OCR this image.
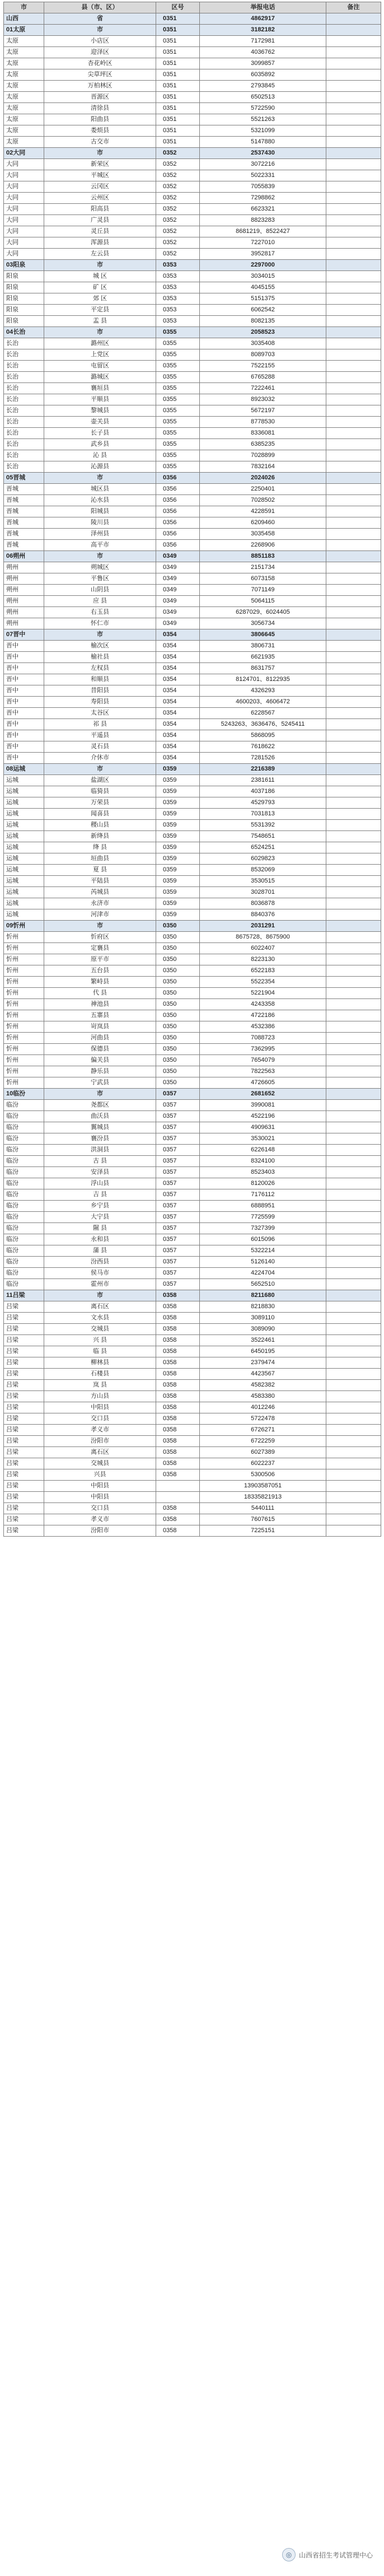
市	县（市、区）	区号	举报电话	备注
山西	省	0351	4862917	
01太原	市	0351	3182182	
太原	小店区	0351	7172981	
太原	迎泽区	0351	4036762	
太原	杏花岭区	0351	3099857	
太原	尖草坪区	0351	6035892	
太原	万柏林区	0351	2793845	
太原	晋源区	0351	6502513	
太原	清徐县	0351	5722590	
太原	阳曲县	0351	5521263	
太原	娄烦县	0351	5321099	
太原	古交市	0351	5147880	
02大同	市	0352	2537430	
大同	新荣区	0352	3072216	
大同	平城区	0352	5022331	
大同	云冈区	0352	7055839	
大同	云州区	0352	7298862	
大同	阳高县	0352	6623321	
大同	广灵县	0352	8823283	
大同	灵丘县	0352	8681219、8522427	
大同	浑源县	0352	7227010	
大同	左云县	0352	3952817	
03阳泉	市	0353	2297000	
阳泉	城 区	0353	3034015	
阳泉	矿 区	0353	4045155	
阳泉	郊 区	0353	5151375	
阳泉	平定县	0353	6062542	
阳泉	盂 县	0353	8082135	
04长治	市	0355	2058523	
长治	潞州区	0355	3035408	
长治	上党区	0355	8089703	
长治	屯留区	0355	7522155	
长治	潞城区	0355	6765288	
长治	襄垣县	0355	7222461	
长治	平顺县	0355	8923032	
长治	黎城县	0355	5672197	
长治	壶关县	0355	8778530	
长治	长子县	0355	8336081	
长治	武乡县	0355	6385235	
长治	沁 县	0355	7028899	
长治	沁源县	0355	7832164	
05晋城	市	0356	2024026	
晋城	城区县	0356	2250401	
晋城	沁水县	0356	7028502	
晋城	阳城县	0356	4228591	
晋城	陵川县	0356	6209460	
晋城	泽州县	0356	3035458	
晋城	高平市	0356	2268906	
06朔州	市	0349	8851183	
朔州	朔城区	0349	2151734	
朔州	平鲁区	0349	6073158	
朔州	山阴县	0349	7071149	
朔州	应 县	0349	5064115	
朔州	右玉县	0349	6287029、6024405	
朔州	怀仁市	0349	3056734	
07晋中	市	0354	3806645	
晋中	榆次区	0354	3806731	
晋中	榆社县	0354	6621935	
晋中	左权县	0354	8631757	
晋中	和顺县	0354	8124701、8122935	
晋中	昔阳县	0354	4326293	
晋中	寿阳县	0354	4600203、4606472	
晋中	太谷区	0354	6228567	
晋中	祁 县	0354	5243263、3636476、5245411	
晋中	平遥县	0354	5868095	
晋中	灵石县	0354	7618622	
晋中	介休市	0354	7281526	
08运城	市	0359	2216389	
运城	盐湖区	0359	2381611	
运城	临猗县	0359	4037186	
运城	万荣县	0359	4529793	
运城	闻喜县	0359	7031813	
运城	稷山县	0359	5531392	
运城	新绛县	0359	7548651	
运城	绛 县	0359	6524251	
运城	垣曲县	0359	6029823	
运城	夏 县	0359	8532069	
运城	平陆县	0359	3530515	
运城	芮城县	0359	3028701	
运城	永济市	0359	8036878	
运城	河津市	0359	8840376	
09忻州	市	0350	2031291	
忻州	忻府区	0350	8675728、8675900	
忻州	定襄县	0350	6022407	
忻州	原平市	0350	8223130	
忻州	五台县	0350	6522183	
忻州	繁峙县	0350	5522354	
忻州	代 县	0350	5221904	
忻州	神池县	0350	4243358	
忻州	五寨县	0350	4722186	
忻州	岢岚县	0350	4532386	
忻州	河曲县	0350	7088723	
忻州	保德县	0350	7362995	
忻州	偏关县	0350	7654079	
忻州	静乐县	0350	7822563	
忻州	宁武县	0350	4726605	
10临汾	市	0357	2681652	
临汾	尧都区	0357	3990081	
临汾	曲沃县	0357	4522196	
临汾	翼城县	0357	4909631	
临汾	襄汾县	0357	3530021	
临汾	洪洞县	0357	6226148	
临汾	古 县	0357	8324100	
临汾	安泽县	0357	8523403	
临汾	浮山县	0357	8120026	
临汾	吉 县	0357	7176112	
临汾	乡宁县	0357	6888951	
临汾	大宁县	0357	7725599	
临汾	隰 县	0357	7327399	
临汾	永和县	0357	6015096	
临汾	蒲 县	0357	5322214	
临汾	汾西县	0357	5126140	
临汾	侯马市	0357	4224704	
临汾	霍州市	0357	5652510	
11吕梁	市	0358	8211680	
吕梁	离石区	0358	8218830	
吕梁	文水县	0358	3089110	
吕梁	交城县	0358	3089090	
吕梁	兴 县	0358	3522461	
吕梁	临 县	0358	6450195	
吕梁	柳林县	0358	2379474	
吕梁	石楼县	0358	4423567	
吕梁	岚 县	0358	4582382	
吕梁	方山县	0358	4583380	
吕梁	中阳县	0358	4012246	
吕梁	交口县	0358	5722478	
吕梁	孝义市	0358	6726271	
吕梁	汾阳市	0358	6722259	
吕梁	离石区	0358	6027389	
吕梁	交城县	0358	6022237	
吕梁	兴县	0358	5300506	
吕梁	中阳县		13903587051	
吕梁	中阳县		18335821913	
吕梁	交口县	0358	5440111	
吕梁	孝义市	0358	7607615	
吕梁	汾阳市	0358	7225151	
◎	山西省招生考试管理中心
